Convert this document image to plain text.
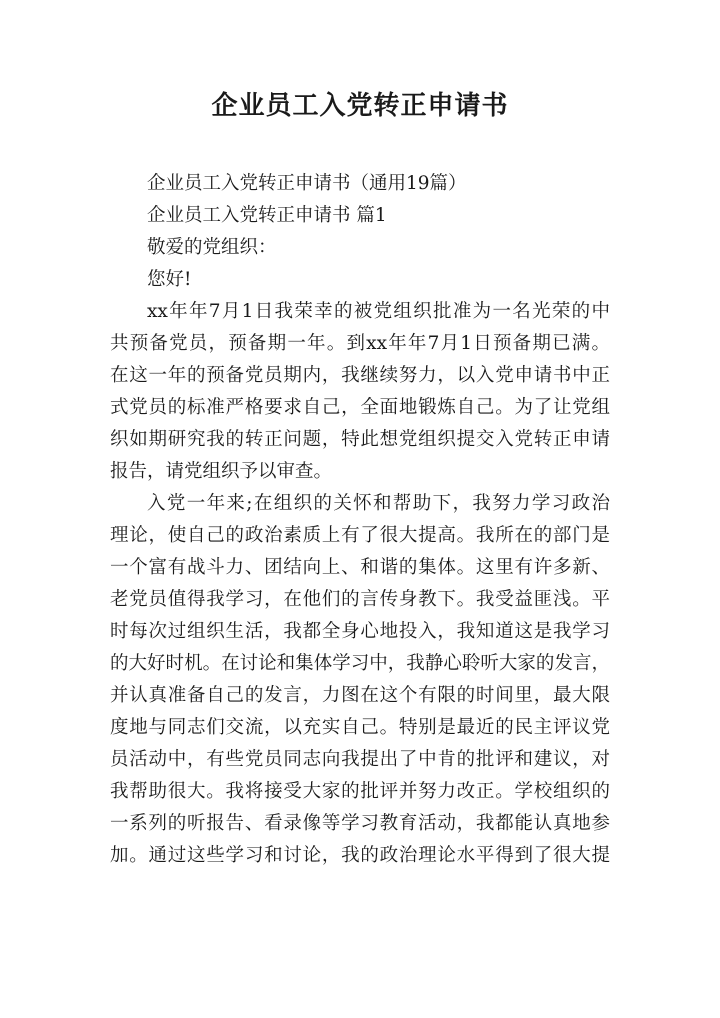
企业员工入党转正申请书
企业员工入党转正申请书（通用19篇）
企业员工入党转正申请书 篇1
敬爱的党组织：
您好!
xx年年7月1日我荣幸的被党组织批准为一名光荣的中
共预备党员，预备期一年。到xx年年7月1日预备期已满。
在这一年的预备党员期内，我继续努力，以入党申请书中正
式党员的标准严格要求自己，全面地锻炼自己。为了让党组
织如期研究我的转正问题，特此想党组织提交入党转正申请
报告，请党组织予以审查。
入党一年来;在组织的关怀和帮助下，我努力学习政治
理论，使自己的政治素质上有了很大提高。我所在的部门是
一个富有战斗力、团结向上、和谐的集体。这里有许多新、
老党员值得我学习，在他们的言传身教下。我受益匪浅。平
时每次过组织生活，我都全身心地投入，我知道这是我学习
的大好时机。在讨论和集体学习中，我静心聆听大家的发言，
并认真准备自己的发言，力图在这个有限的时间里，最大限
度地与同志们交流，以充实自己。特别是最近的民主评议党
员活动中，有些党员同志向我提出了中肯的批评和建议，对
我帮助很大。我将接受大家的批评并努力改正。学校组织的
一系列的听报告、看录像等学习教育活动，我都能认真地参
加。通过这些学习和讨论，我的政治理论水平得到了很大提
